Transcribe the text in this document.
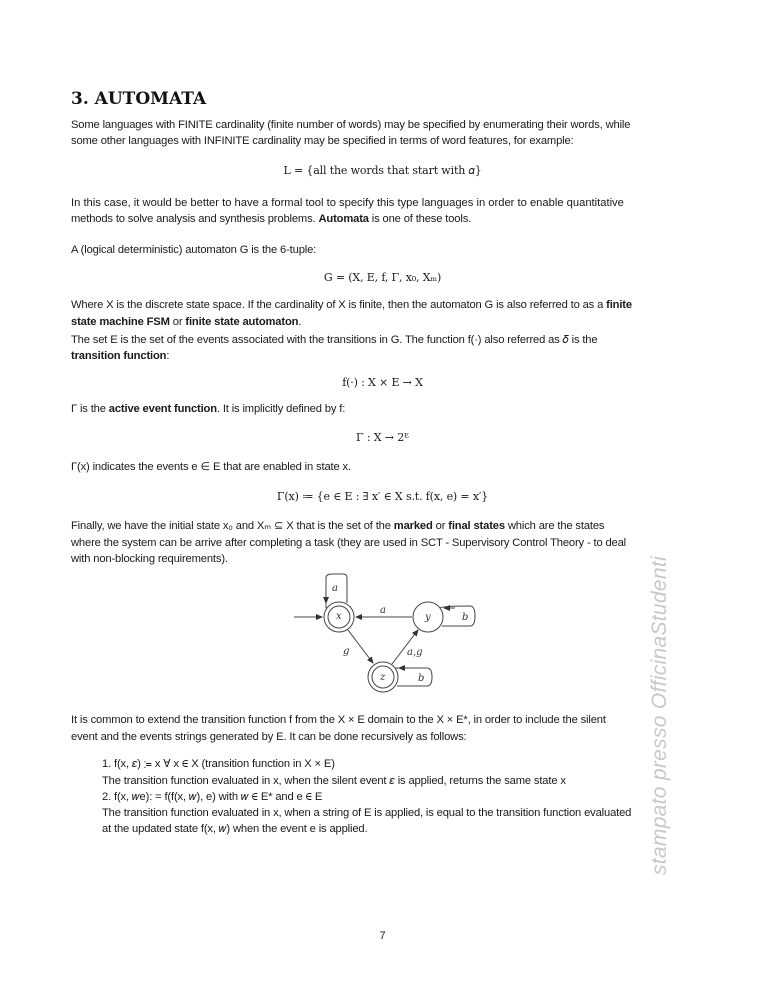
3. AUTOMATA
Some languages with FINITE cardinality (finite number of words) may be specified by enumerating their words, while
some other languages with INFINITE cardinality may be specified in terms of word features, for example:
L = {all the words that start with 𝛼}
In this case, it would be better to have a formal tool to specify this type languages in order to enable quantitative
methods to solve analysis and synthesis problems. Automata is one of these tools.
A (logical deterministic) automaton G is the 6-tuple:
G = (X, E, f, Γ, x₀, Xₘ)
Where X is the discrete state space. If the cardinality of X is finite, then the automaton G is also referred to as a finite
state machine FSM or finite state automaton.
The set E is the set of the events associated with the transitions in G. The function f(·) also referred as 𝛿 is the
transition function:
f(·) : X × E → X
Γ is the active event function. It is implicitly defined by f:
Γ : X → 2ᴱ
Γ(x) indicates the events e ∈ E that are enabled in state x.
Γ(x) ≔ {e ∈ E : ∃ x′ ∈ X s.t. f(x, e) = x′}
Finally, we have the initial state x₀ and Xₘ ⊆ X that is the set of the marked or final states which are the states
where the system can be arrive after completing a task (they are used in SCT - Supervisory Control Theory - to deal
with non-blocking requirements).
x	y
z
a
a
b
g	a,g
b
It is common to extend the transition function f from the X × E domain to the X × E*, in order to include the silent
event and the events strings generated by E. It can be done recursively as follows:
1. f(x, 𝜀) ≔ x ∀ x ∈ X (transition function in X × E)
The transition function evaluated in x, when the silent event 𝜀 is applied, returns the same state x
2. f(x, 𝑤e): = f(f(x, 𝑤), e) with 𝑤 ∈ E* and e ∈ E
The transition function evaluated in x, when a string of E is applied, is equal to the transition function evaluated
at the updated state f(x, 𝑤) when the event e is applied.	stampato presso OfficinaStudenti
7
